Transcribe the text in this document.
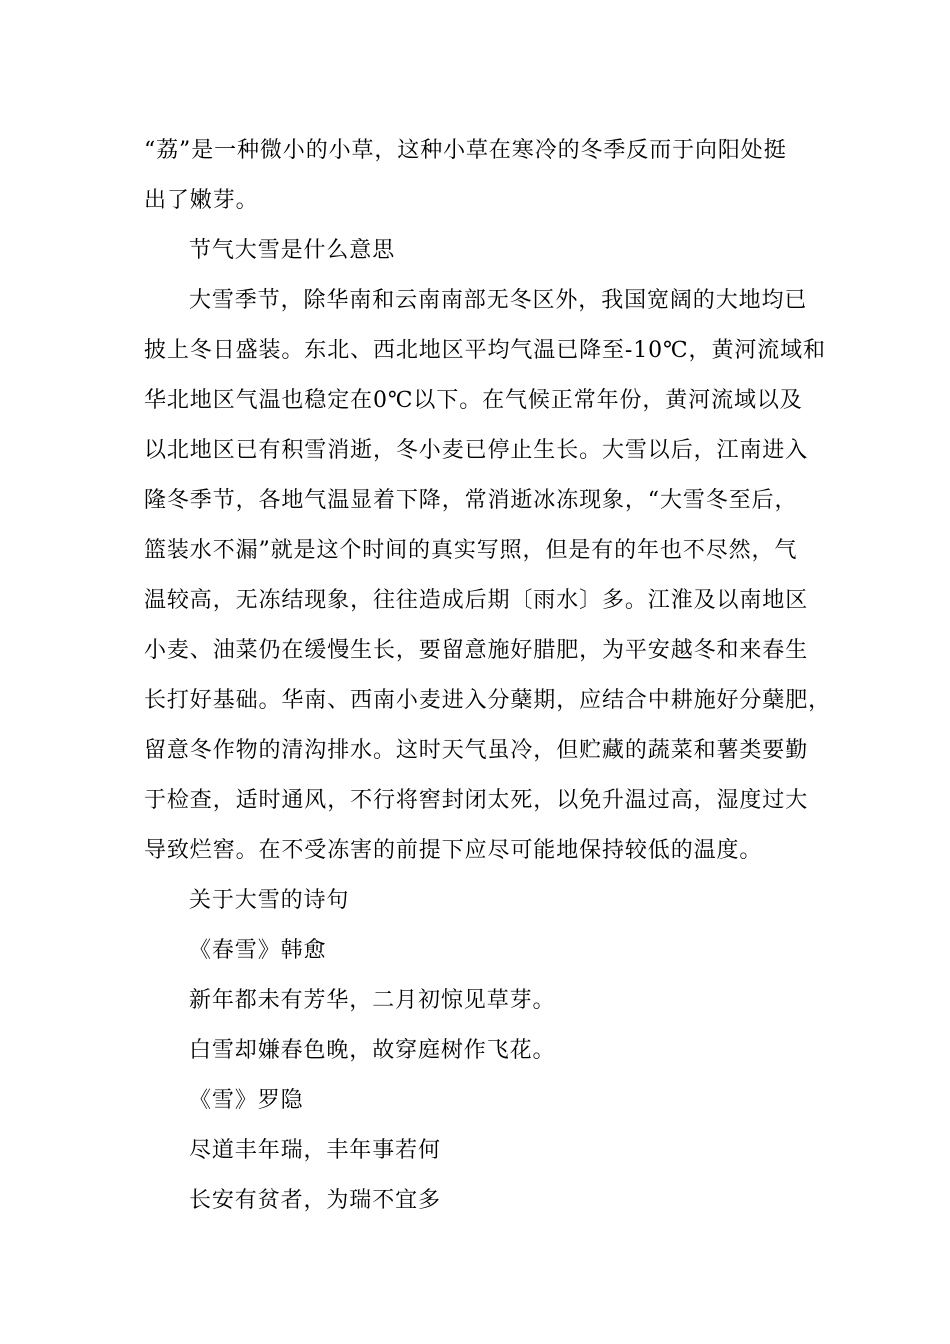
“荔”是一种微小的小草，这种小草在寒冷的冬季反而于向阳处挺
出了嫩芽。
节气大雪是什么意思
大雪季节，除华南和云南南部无冬区外，我国宽阔的大地均已
披上冬日盛装。东北、西北地区平均气温已降至-10℃，黄河流域和
华北地区气温也稳定在0℃以下。在气候正常年份，黄河流域以及
以北地区已有积雪消逝，冬小麦已停止生长。大雪以后，江南进入
隆冬季节，各地气温显着下降，常消逝冰冻现象，“大雪冬至后，
篮装水不漏”就是这个时间的真实写照，但是有的年也不尽然，气
温较高，无冻结现象，往往造成后期〔雨水〕多。江淮及以南地区
小麦、油菜仍在缓慢生长，要留意施好腊肥，为平安越冬和来春生
长打好基础。华南、西南小麦进入分蘖期，应结合中耕施好分蘖肥，
留意冬作物的清沟排水。这时天气虽冷，但贮藏的蔬菜和薯类要勤
于检查，适时通风，不行将窖封闭太死，以免升温过高，湿度过大
导致烂窖。在不受冻害的前提下应尽可能地保持较低的温度。
关于大雪的诗句
《春雪》韩愈
新年都未有芳华，二月初惊见草芽。
白雪却嫌春色晚，故穿庭树作飞花。
《雪》罗隐
尽道丰年瑞，丰年事若何
长安有贫者，为瑞不宜多
